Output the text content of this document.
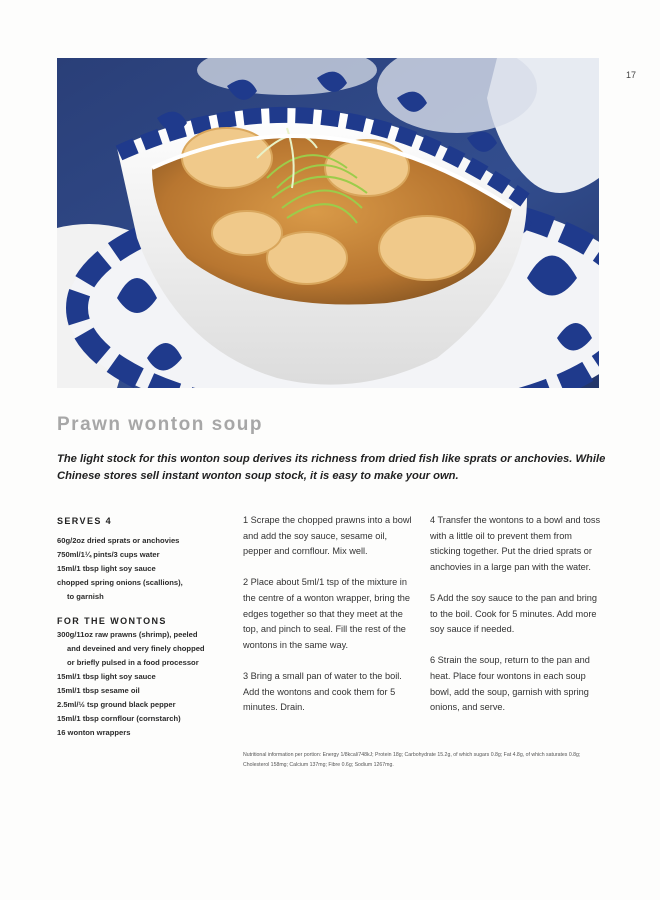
17
Prawn wonton soup
The light stock for this wonton soup derives its richness from dried fish like sprats or anchovies. While Chinese stores sell instant wonton soup stock, it is easy to make your own.
SERVES 4
60g/2oz dried sprats or anchovies
750ml/1¼ pints/3 cups water
15ml/1 tbsp light soy sauce
chopped spring onions (scallions),
to garnish
FOR THE WONTONS
300g/11oz raw prawns (shrimp), peeled
and deveined and very finely chopped
or briefly pulsed in a food processor
15ml/1 tbsp light soy sauce
15ml/1 tbsp sesame oil
2.5ml/½ tsp ground black pepper
15ml/1 tbsp cornflour (cornstarch)
16 wonton wrappers
1 Scrape the chopped prawns into a bowl and add the soy sauce, sesame oil, pepper and cornflour. Mix well.
2 Place about 5ml/1 tsp of the mixture in the centre of a wonton wrapper, bring the edges together so that they meet at the top, and pinch to seal. Fill the rest of the wontons in the same way.
3 Bring a small pan of water to the boil. Add the wontons and cook them for 5 minutes. Drain.
4 Transfer the wontons to a bowl and toss with a little oil to prevent them from sticking together. Put the dried sprats or anchovies in a large pan with the water.
5 Add the soy sauce to the pan and bring to the boil. Cook for 5 minutes. Add more soy sauce if needed.
6 Strain the soup, return to the pan and heat. Place four wontons in each soup bowl, add the soup, garnish with spring onions, and serve.
Nutritional information per portion: Energy 1/8kcal/748kJ; Protein 18g; Carbohydrate 15.2g, of which sugars 0.8g; Fat 4.8g, of which saturates 0.8g; Cholesterol 158mg; Calcium 137mg; Fibre 0.6g; Sodium 1267mg.
